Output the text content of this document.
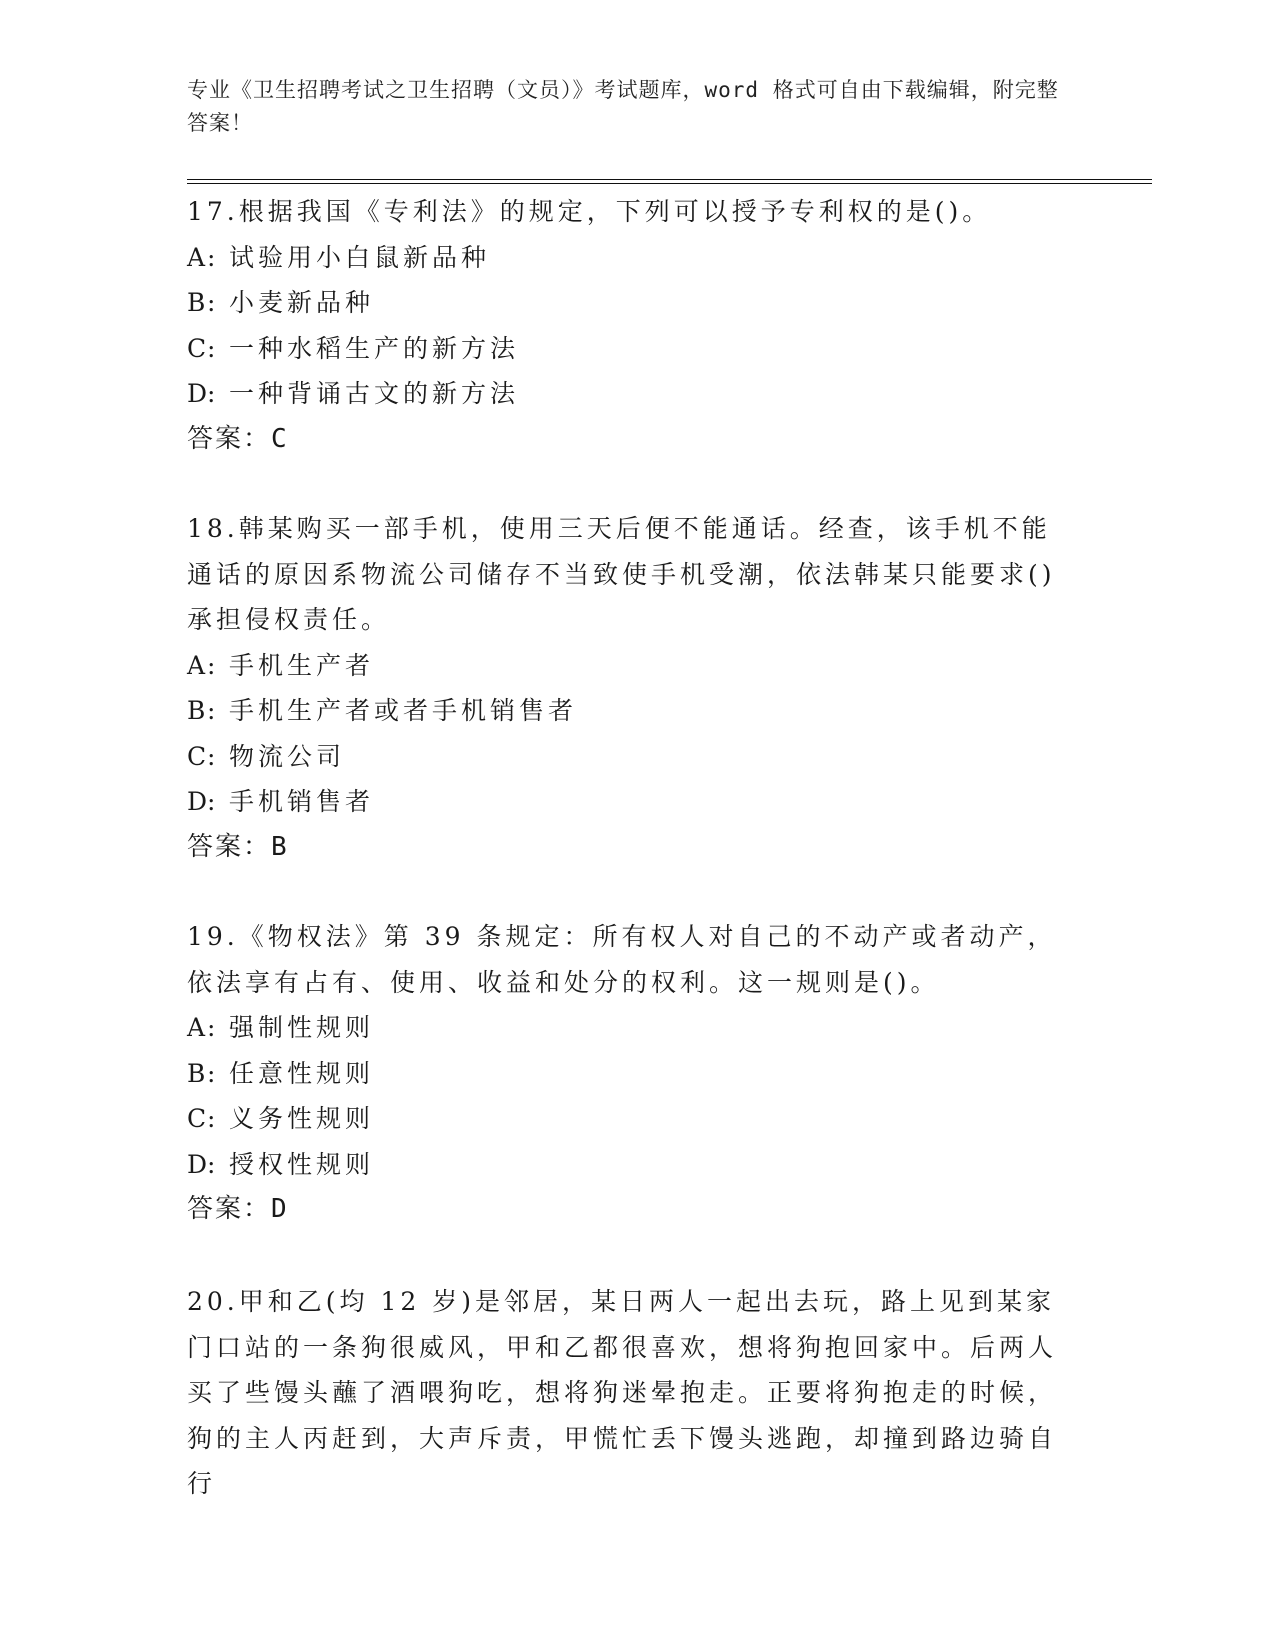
专业《卫生招聘考试之卫生招聘（文员）》考试题库，word 格式可自由下载编辑，附完整答案！
17.根据我国《专利法》的规定，下列可以授予专利权的是()。
A: 试验用小白鼠新品种
B: 小麦新品种
C: 一种水稻生产的新方法
D: 一种背诵古文的新方法
答案：C
18.韩某购买一部手机，使用三天后便不能通话。经查，该手机不能通话的原因系物流公司储存不当致使手机受潮，依法韩某只能要求()承担侵权责任。
A: 手机生产者
B: 手机生产者或者手机销售者
C: 物流公司
D: 手机销售者
答案：B
19.《物权法》第 39 条规定：所有权人对自己的不动产或者动产，依法享有占有、使用、收益和处分的权利。这一规则是()。
A: 强制性规则
B: 任意性规则
C: 义务性规则
D: 授权性规则
答案：D
20.甲和乙(均 12 岁)是邻居，某日两人一起出去玩，路上见到某家门口站的一条狗很威风，甲和乙都很喜欢，想将狗抱回家中。后两人买了些馒头蘸了酒喂狗吃，想将狗迷晕抱走。正要将狗抱走的时候，狗的主人丙赶到，大声斥责，甲慌忙丢下馒头逃跑，却撞到路边骑自行
